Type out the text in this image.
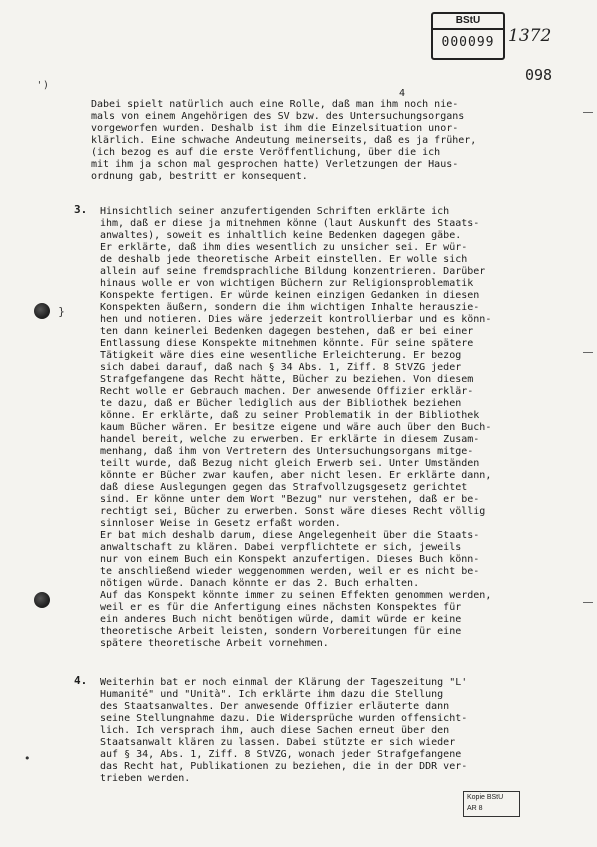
' )
BStU
000099 1372
098
4
Dabei spielt natürlich auch eine Rolle, daß man ihm noch nie-
mals von einem Angehörigen des SV bzw. des Untersuchungsorgans
vorgeworfen wurden. Deshalb ist ihm die Einzelsituation unor-
klärlich. Eine schwache Andeutung meinerseits, daß es ja früher,
(ich bezog es auf die erste Veröffentlichung, über die ich
mit ihm ja schon mal gesprochen hatte) Verletzungen der Haus-
ordnung gab, bestritt er konsequent.
3. Hinsichtlich seiner anzufertigenden Schriften erklärte ich
ihm, daß er diese ja mitnehmen könne (laut Auskunft des Staats-
anwaltes), soweit es inhaltlich keine Bedenken dagegen gäbe.
Er erklärte, daß ihm dies wesentlich zu unsicher sei. Er wür-
de deshalb jede theoretische Arbeit einstellen. Er wolle sich
allein auf seine fremdsprachliche Bildung konzentrieren. Darüber
hinaus wolle er von wichtigen Büchern zur Religionsproblematik
Konspekte fertigen. Er würde keinen einzigen Gedanken in diesen
Konspekten äußern, sondern die ihm wichtigen Inhalte herauszie-
hen und notieren. Dies wäre jederzeit kontrollierbar und es könn-
ten dann keinerlei Bedenken dagegen bestehen, daß er bei einer
Entlassung diese Konspekte mitnehmen könnte. Für seine spätere
Tätigkeit wäre dies eine wesentliche Erleichterung. Er bezog
sich dabei darauf, daß nach § 34 Abs. 1, Ziff. 8 StVZG jeder
Strafgefangene das Recht hätte, Bücher zu beziehen. Von diesem
Recht wolle er Gebrauch machen. Der anwesende Offizier erklär-
te dazu, daß er Bücher lediglich aus der Bibliothek beziehen
könne. Er erklärte, daß zu seiner Problematik in der Bibliothek
kaum Bücher wären. Er besitze eigene und wäre auch über den Buch-
handel bereit, welche zu erwerben. Er erklärte in diesem Zusam-
menhang, daß ihm von Vertretern des Untersuchungsorgans mitge-
teilt wurde, daß Bezug nicht gleich Erwerb sei. Unter Umständen
könnte er Bücher zwar kaufen, aber nicht lesen. Er erklärte dann,
daß diese Auslegungen gegen das Strafvollzugsgesetz gerichtet
sind. Er könne unter dem Wort "Bezug" nur verstehen, daß er be-
rechtigt sei, Bücher zu erwerben. Sonst wäre dieses Recht völlig
sinnloser Weise in Gesetz erfaßt worden.
Er bat mich deshalb darum, diese Angelegenheit über die Staats-
anwaltschaft zu klären. Dabei verpflichtete er sich, jeweils
nur von einem Buch ein Konspekt anzufertigen. Dieses Buch könn-
te anschließend wieder weggenommen werden, weil er es nicht be-
nötigen würde. Danach könnte er das 2. Buch erhalten.
Auf das Konspekt könnte immer zu seinen Effekten genommen werden,
weil er es für die Anfertigung eines nächsten Konspektes für
ein anderes Buch nicht benötigen würde, damit würde er keine
theoretische Arbeit leisten, sondern Vorbereitungen für eine
spätere theoretische Arbeit vornehmen.
4. Weiterhin bat er noch einmal der Klärung der Tageszeitung "L'
Humanité" und "Unità". Ich erklärte ihm dazu die Stellung
des Staatsanwaltes. Der anwesende Offizier erläuterte dann
seine Stellungnahme dazu. Die Widersprüche wurden offensicht-
lich. Ich versprach ihm, auch diese Sachen erneut über den
Staatsanwalt klären zu lassen. Dabei stützte er sich wieder
auf § 34, Abs. 1, Ziff. 8 StVZG, wonach jeder Strafgefangene
das Recht hat, Publikationen zu beziehen, die in der DDR ver-
trieben werden.
}
•
Kopie BStU
AR 8
